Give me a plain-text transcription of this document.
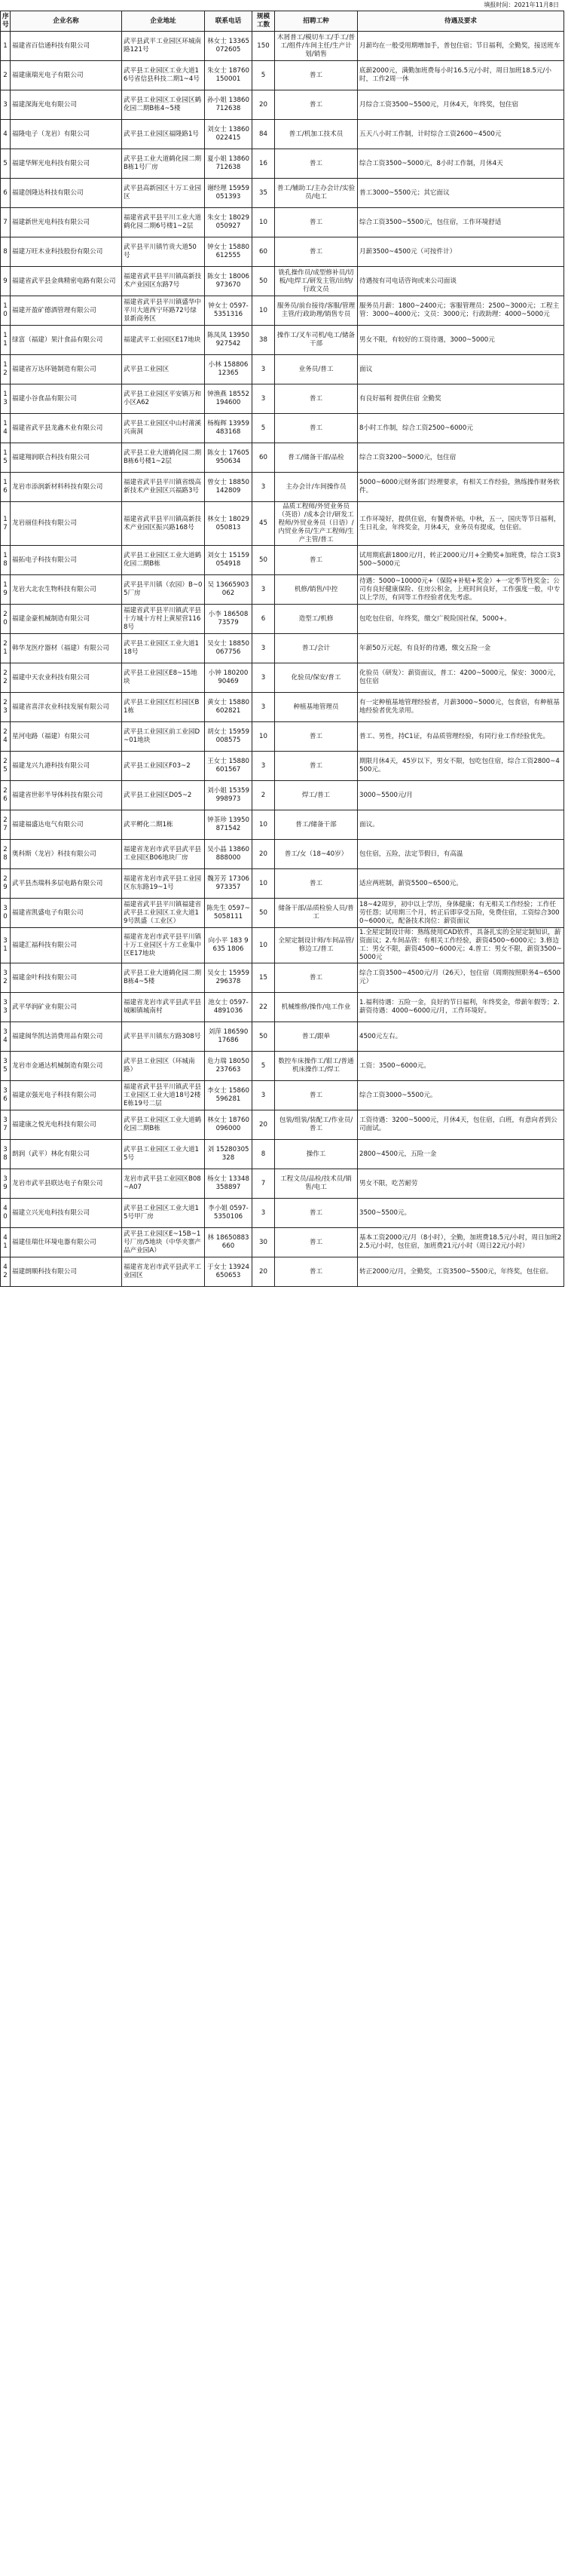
填报时间：2021年11月8日
序号	企业名称	企业地址	联系电话	规模工数	招聘工种	待遇及要求
1	福建省百信通科技有限公司	武平县武平工业园区环城南路121号	林女士 13365072605	150	木屑普工/模切车工/手工/普工/组件/车间主任/生产计划/销售	月薪均在一般受用期增加手，普包住宿；节日福利，全勤奖，接送班车
2	福建康瑞光电子有限公司	武平县工业园区工业大道16号省信县科技二期1~4号	朱女士 18760150001	5	普工	底薪2000元，满勤加班费每小时16.5元/小时，周日加班18.5元/小时，工作2周一休
3	福建深海光电有限公司	武平县工业园区工业园区鹤化园二期B栋4~5楼	孙小姐 13860712638	20	普工	月综合工资3500~5500元，月休4天，年终奖，包住宿
4	福隆电子（龙岩）有限公司	武平县工业园区福隆路1号	刘女士 13860022415	84	普工/机加工技术员	五天八小时工作制，计时综合工资2600~4500元
5	福建华辉光电科技有限公司	武平县工业大道鹤化园二期B栋1号厂房	夏小姐 13860712638	16	普工	综合工资3500~5000元，8小时工作制，月休4天
6	福建创隆达科技有限公司	武平县高新园区十万工业园区	谢经理 15959051393	35	普工/辅助工/主办会计/实验员/电工	普工3000~5500元；其它面议
7	福建新世光电科技有限公司	福建省武平县平川工业大道鹤化园二期6号楼1~2层	朱女士 18029050927	10	普工	综合工资3500~5500元，包住宿，工作环境舒适
8	福建万旺木业科技股份有限公司	武平县平川镇竹贵大道50号	钟女士 15880612555	60	普工	月薪3500~4500元（可按件计）
9	福建省武平县金典精密电路有限公司	福建省武平县平川镇高新技术产业园区东路7号	陈女士 18006973670	50	铣孔操作员/成型修补员/切板/电焊工/研发主管/出纳/行政文员	待遇按有司电话咨询或来公司面谈
10	福建开盈矿德酒管理有限公司	福建省武平县平川镇盛华中平川大道西宁环路72号绿景新商务区	钟女士 0597-5351316	10	服务员/前台接待/客服/管理主管/行政助理/销售专员	服务员月薪：1800~2400元；客服管理员：2500~3000元；工程主管：3000~4000元；文员：3000元；行政助理：4000~5000元
11	绿富（福建）果汁食品有限公司	福建武平工业园区E17地块	陈凤凤 13950927542	38	操作工/叉车司机/电工/储备干部	男女不限，有较好的工资待遇，3000~5000元
12	福建省万达环链制造有限公司	武平县工业园区	小林 15880612365	3	业务员/普工	面议
13	福建小谷食品有限公司	武平县工业园区平安镇万和小区A62	钟渔燕 18552194600	3	普工	有良好福利 提供住宿 全勤奖
14	福建省武平县龙鑫木业有限公司	武平县工业园区中山村莆溪兴南洞	杨梅辉 13959483168	5	普工	8小时工作制，综合工资2500~6000元
15	福建翔润联合科技有限公司	武平县工业大道鹤化园二期B栋6号楼1~2层	陈女士 17605950634	60	普工/储备干部/品检	综合工资3200~5000元，包住宿
16	龙岩市添润新材料科技有限公司	福建省武平县平川镇省级高新技术产业园区兴福路3号	曾女士 18850142809	3	主办会计/车间操作员	5000~6000元财务部门经理要求，有相关工作经验，熟练操作财务软件。
17	龙岩丽佳科技有限公司	福建省武平县平川镇高新技术产业园区振兴路168号	林女士 18029050813	45	品质工程师/外贸业务员（英语）/成本会计/研发工程师/外贸业务员（日语）/内贸业务员/生产工程师/生产主管/普工	工作环境好，提供住宿，有餐费补贴，中秋，五一，国庆等节日福利，生日礼金，年终奖金，月休4天，业务员有提成，包住宿。
18	福拓电子科技有限公司	武平县工业园区工业大道鹤化园二期B栋	刘女士 15159054918	50	普工	试用期底薪1800元/月，转正2000元/月+全勤奖+加班费，综合工资3500~5000元
19	龙岩大北农生物科技有限公司	武平县平川镇（农园）B~05厂房	吴 13665903062	3	机修/销售/中控	待遇：5000~10000元+（保险+补贴+奖金）+一定季节性奖金；公司有良好健康保险、住房公积金，上班时间良好，工作强度一般，中专以上学历，有同等工作经验者优先考虑。
20	福建金豪机械制造有限公司	福建省武平县平川镇武平县十方城十方村上黄屋营1168号	小李 18650873579	6	造型工/机修	包吃包住宿，年终奖，缴交广税险国社保，5000+。
21	韩华龙医疗器材（福建）有限公司	武平县工业园区工业大道118号	吴女士 18850067756	3	普工/会计	年薪50万元起，有良好的待遇，缴交五险一金
22	福建中天农业科技有限公司	武平县工业园区E8~15地块	小钟 18020090469	3	化验员/保安/普工	化验员（研发）：薪资面议，普工：4200~5000元，保安：3000元，包住宿
23	福建省喜洋农业科技发展有限公司	武平县工业园区红杉园区B1栋	黄女士 15880602821	3	种植基地管理员	有一定种植基地管理经验者，月薪3000~5000元，包食宿，有种植基地经验者优先录用。
24	星河电路（福建）有限公司	武平县工业园区前工业园D~01地块	胡女士 15959008575	10	普工	普工、男性，持C1证，有品质管理经验，有同行业工作经验优先。
25	福建龙兴九港科技有限公司	武平县工业园区F03~2	王女士 15880601567	3	普工	期限月休4天，45岁以下，男女不限，包吃包住宿，综合工资2800~4500元。
26	福建省世彰半导体科技有限公司	武平县工业园区D05~2	刘小姐 15359998973	2	焊工/普工	3000~5500元/月
27	福建福盛达电气有限公司	武平孵化二期1栋	钟茶珍 13950871542	10	普工/储备干部	面议。
28	奥科斯（龙岩）科技有限公司	福建省龙岩市武平县武平县工业园区B06地块厂房	吴小晶 13860888000	20	普工/女（18~40岁）	包住宿，五险，法定节假日，有高温
29	武平县杰瑞科多层电路有限公司	福建省龙岩市武平县工业园区东东路19~1号	魏芳芳 17306973357	10	普工	适应两班制，薪资5500~6500元。
30	福建省凯盛电子有限公司	福建省武平县平川镇福建省武平县工业园区工业大道19号凯盛（工业区）	陈先生 0597~5058111	50	储备干部/品质检验人员/普工	18~42周岁，初中以上学历，身体健康；有无相关工作经验；工作任劳任怨；试用期三个月，转正后即享受五险，免费住宿，工资综合3000~6000元，配备技术岗位：薪资面议
31	福建汇福科技有限公司	福建省龙岩市武平县平川镇十万工业园区十方工业集中区E17地块	向小平 183 9635 1806	10	全屋定制设计师/车间品管/修边工/普工	1.全屋定制设计师：熟练使用CAD软件，具备扎实的全屋定制知识，薪资面议；2.车间品管：有相关工作经验，薪资4500~6000元；3.修边工：男女不限，薪资4500~6000元；4.普工：男女不限，薪资3500~5000元
32	福建金叶科技有限公司	武平县工业大道鹤化园二期B栋4~5楼	吴女士 15959296378	15	普工	综合工资3500~4500元/月（26天），包住宿（周期按照职务4~6500元）
33	武平华润矿业有限公司	福建省龙岩市武平县武平县城厢镇城南村	池女士 0597-4891036	22	机械维修/操作/电工作业	1.福利待遇：五险一金，良好的节日福利，年终奖金，带薪年假等；2.薪资待遇：4000~6000元/月，工作环境好。
34	福建闽华凯达消费用品有限公司	武平县平川镇东方路308号	刘萍 18659017686	50	普工/跟单	4500元左右。
35	龙岩市金通达机械制造有限公司	武平县工业园区（环城南路）	危力瑞 18050237663	5	数控车床操作工/钳工/普通机床操作工/焊工	工资：3500~6000元。
36	福建京强光电子科技有限公司	福建省武平县平川镇武平县工业园区工业大道18号2楼E栋19号二层	李女士 15860596281	3	普工	综合工资3000~5500元。
37	福建康之悦光电科技有限公司	武平县工业园区工业大道鹤化园二期B栋	林女士 18760096000	20	包装/组装/装配工/作业员/普工	工资待遇：3200~5000元，月休4天，包住宿，白班，有意向者到公司面试。
38	朗润（武平）林化有限公司	武平县工业园区工业大道15号	刘 15280305328	8	操作工	2800~4500元，五险一金
39	龙岩市武平县联达电子有限公司	龙岩市武平县工业园区B08~A07	杨女士 13348358897	7	工程文员/品检/技术员/销售/电工	男女不限，吃苦耐劳
40	福建立兴光电科技有限公司	武平县工业园区工业大道15号甲厂房	李小姐 0597-5350106	3	普工	3500~5500元。
41	福建佳瑞仕环境电器有限公司	武平县工业园区E~15B~1号厂房/5地块（中华夹寨产品产业园A）	林 18650883660	30	普工	基本工资2000元/月（8小时），全勤，加班费18.5元/小时，周日加班22.5元/小时，包住宿，加班费21元/小时（周日22元/小时）
42	福建朗顺科技有限公司	福建省龙岩市武平县武平工业园区	于女士 13924650653	20	普工	转正2000元/月，全勤奖，工资3500~5500元，年终奖，包住宿。
